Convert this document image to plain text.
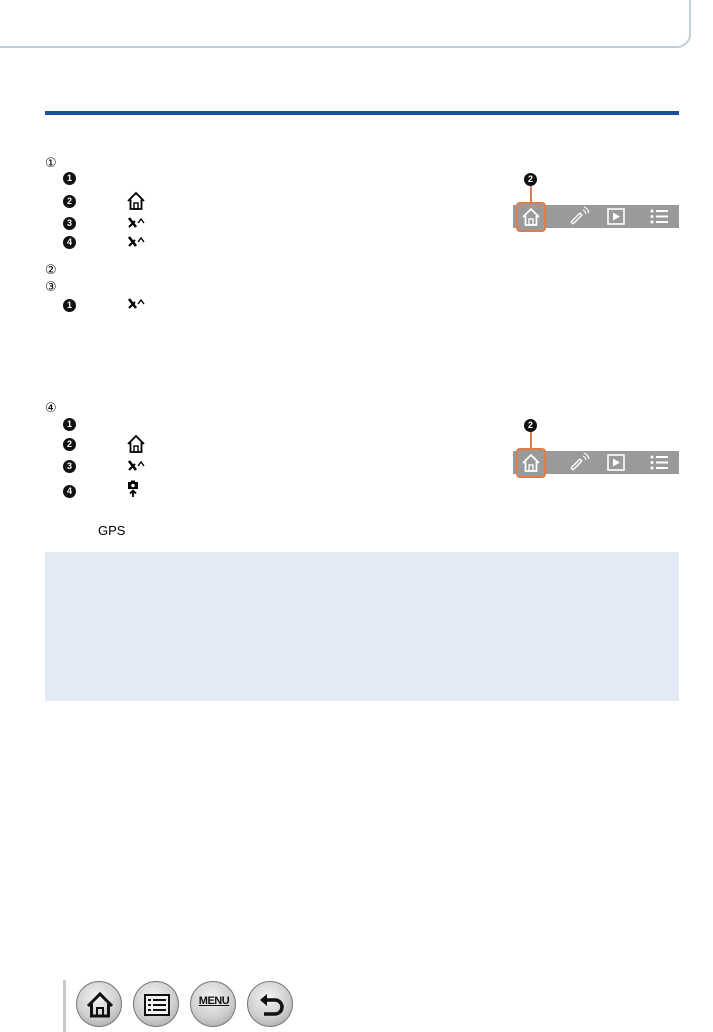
①
1
2
3
4
②
③
1
2
④
1
2
3
4
GPS
2
MENU
